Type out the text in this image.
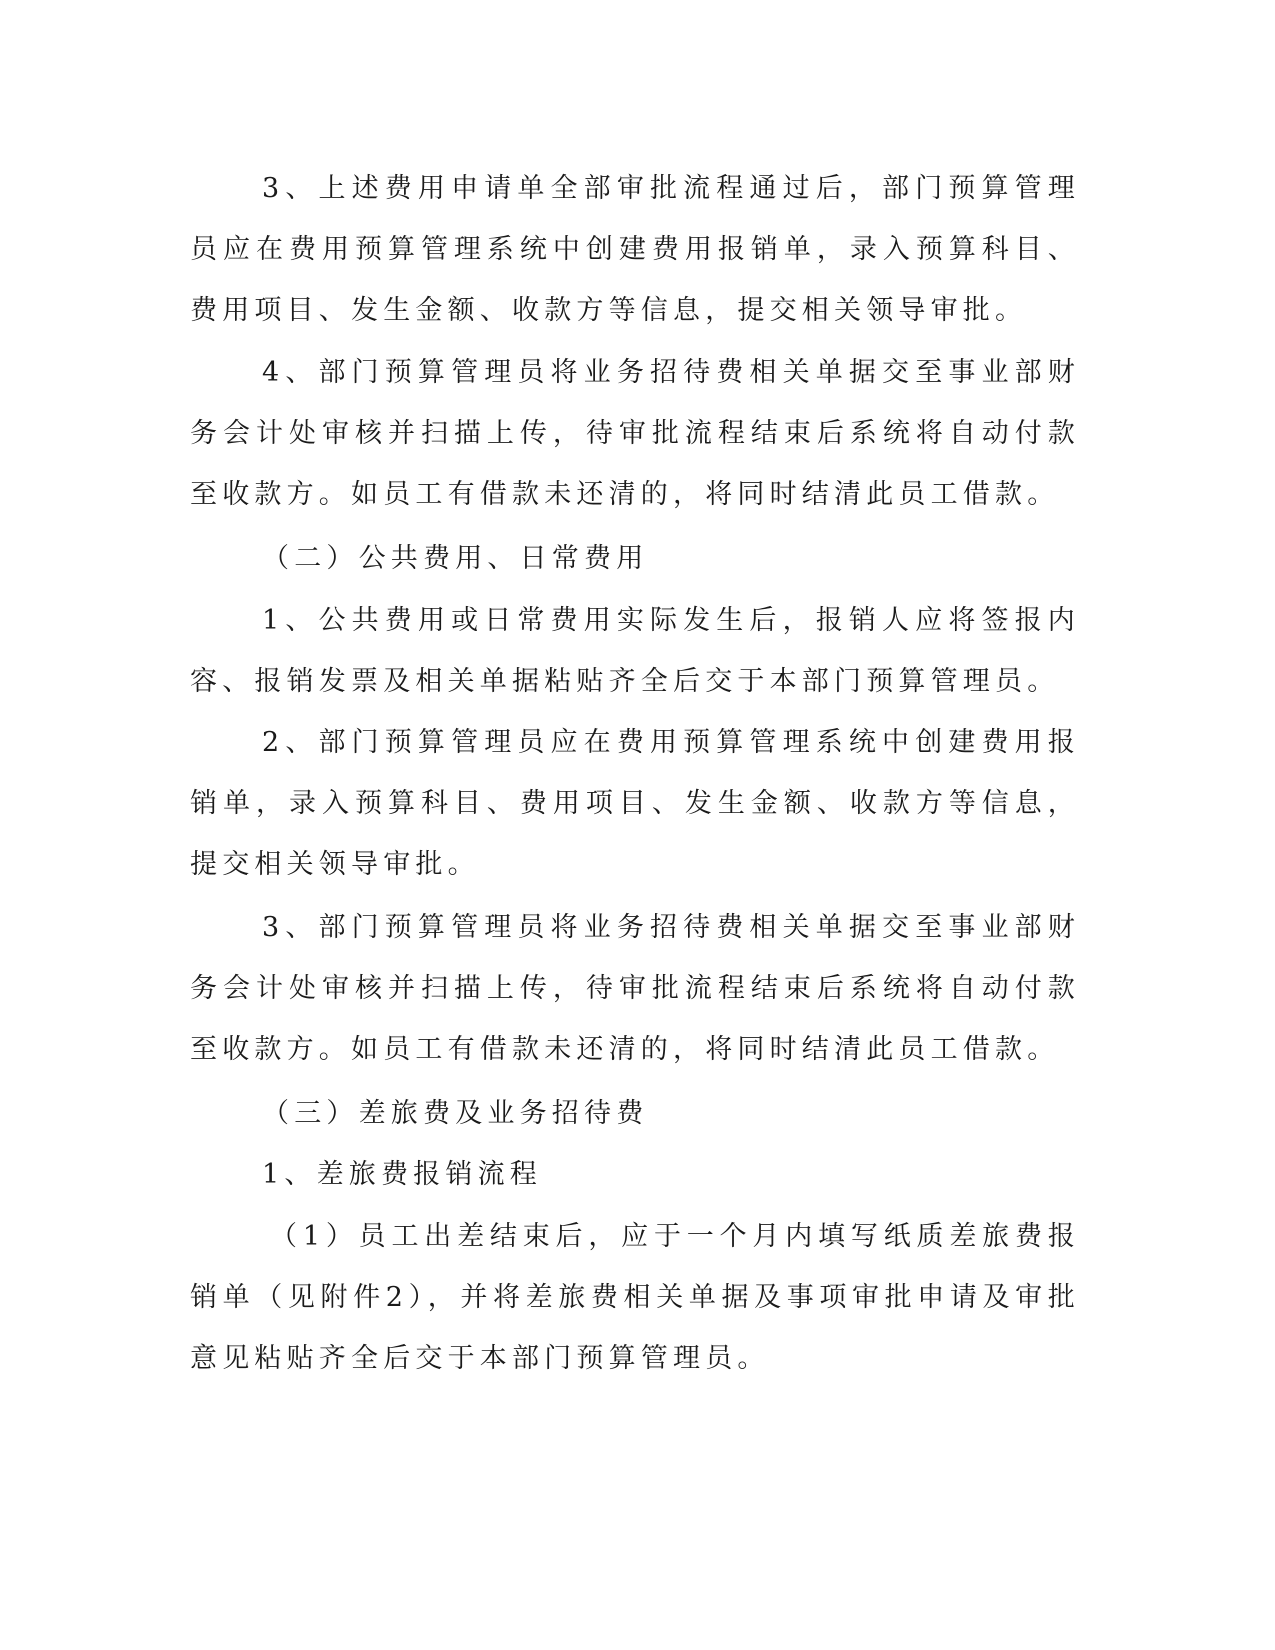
3、上述费用申请单全部审批流程通过后，部门预算管理员应在费用预算管理系统中创建费用报销单，录入预算科目、费用项目、发生金额、收款方等信息，提交相关领导审批。

4、部门预算管理员将业务招待费相关单据交至事业部财务会计处审核并扫描上传，待审批流程结束后系统将自动付款至收款方。如员工有借款未还清的，将同时结清此员工借款。

（二）公共费用、日常费用

1、公共费用或日常费用实际发生后，报销人应将签报内容、报销发票及相关单据粘贴齐全后交于本部门预算管理员。

2、部门预算管理员应在费用预算管理系统中创建费用报销单，录入预算科目、费用项目、发生金额、收款方等信息，提交相关领导审批。

3、部门预算管理员将业务招待费相关单据交至事业部财务会计处审核并扫描上传，待审批流程结束后系统将自动付款至收款方。如员工有借款未还清的，将同时结清此员工借款。

（三）差旅费及业务招待费

1、差旅费报销流程

（1）员工出差结束后，应于一个月内填写纸质差旅费报销单（见附件2），并将差旅费相关单据及事项审批申请及审批意见粘贴齐全后交于本部门预算管理员。
